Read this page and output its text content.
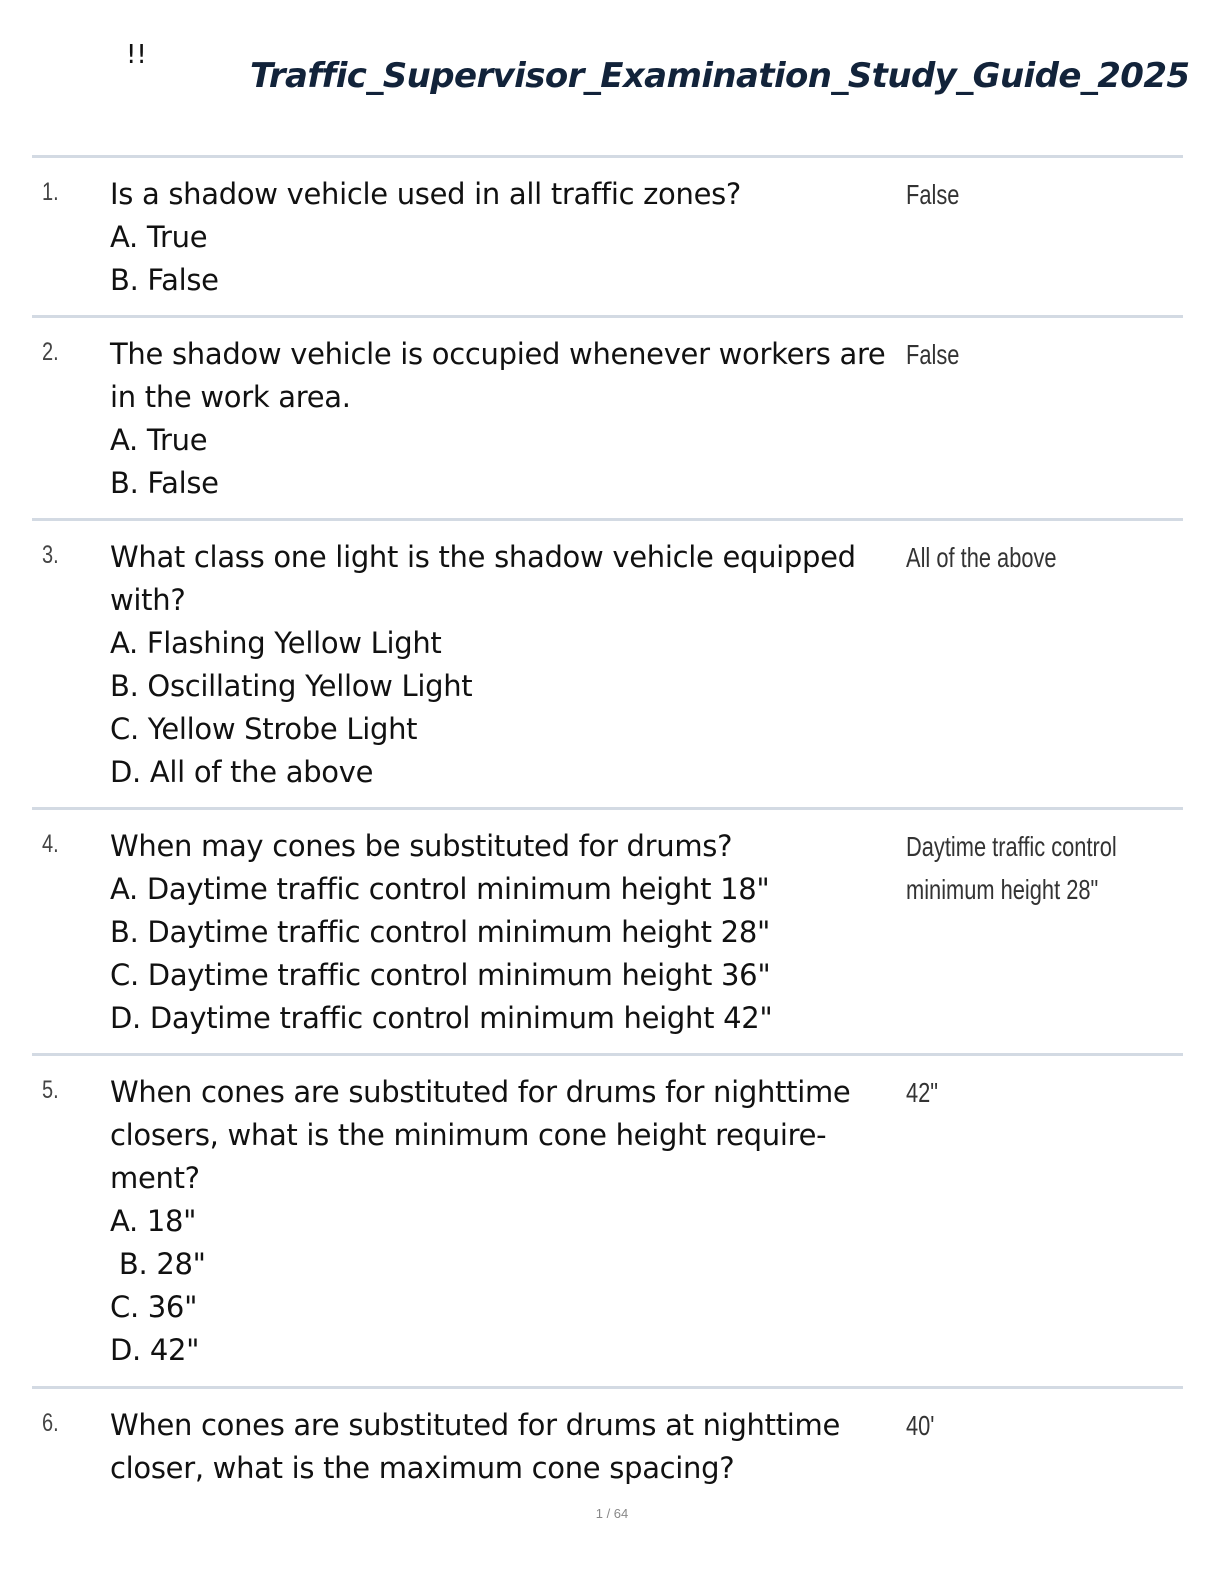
!!
Traffic_Supervisor_Examination_Study_Guide_2025
1. Is a shadow vehicle used in all traffic zones?
A. True
B. False
False
2. The shadow vehicle is occupied whenever workers are
in the work area.
A. True
B. False
False
3. What class one light is the shadow vehicle equipped
with?
A. Flashing Yellow Light
B. Oscillating Yellow Light
C. Yellow Strobe Light
D. All of the above
All of the above
4. When may cones be substituted for drums?
A. Daytime traffic control minimum height 18"
B. Daytime traffic control minimum height 28"
C. Daytime traffic control minimum height 36"
D. Daytime traffic control minimum height 42"
Daytime traffic control
minimum height 28"
5. When cones are substituted for drums for nighttime
closers, what is the minimum cone height require-
ment?
A. 18"
B. 28"
C. 36"
D. 42"
42"
6. When cones are substituted for drums at nighttime
closer, what is the maximum cone spacing?
40'
1 / 64
